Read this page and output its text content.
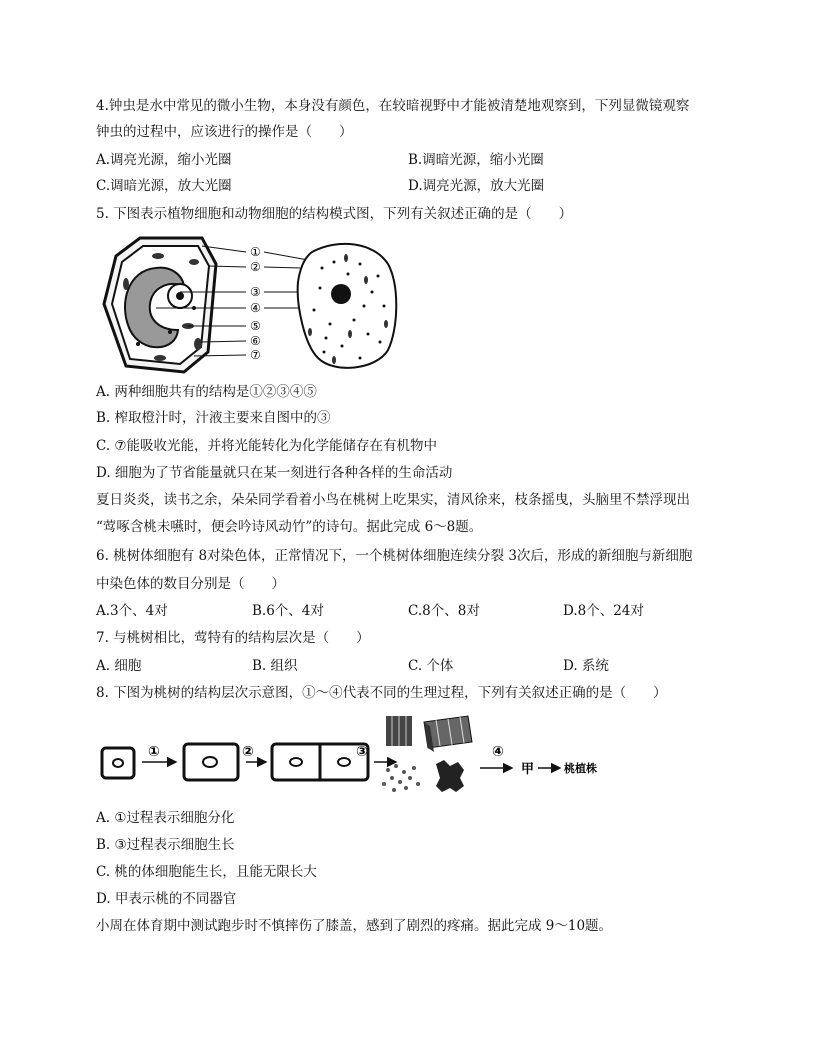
4.钟虫是水中常见的微小生物，本身没有颜色，在较暗视野中才能被清楚地观察到，下列显微镜观察
钟虫的过程中，应该进行的操作是（　　）
A.调亮光源，缩小光圈	B.调暗光源，缩小光圈
C.调暗光源，放大光圈	D.调亮光源，放大光圈
5. 下图表示植物细胞和动物细胞的结构模式图，下列有关叙述正确的是（　　）
①
②
③
④
⑤
⑥
⑦
A. 两种细胞共有的结构是①②③④⑤
B. 榨取橙汁时，汁液主要来自图中的③
C. ⑦能吸收光能，并将光能转化为化学能储存在有机物中
D. 细胞为了节省能量就只在某一刻进行各种各样的生命活动
夏日炎炎，读书之余，朵朵同学看着小鸟在桃树上吃果实，清风徐来，枝条摇曳，头脑里不禁浮现出
“莺啄含桃未嚥时，便会吟诗风动竹”的诗句。据此完成 6～8题。
6. 桃树体细胞有 8对染色体，正常情况下，一个桃树体细胞连续分裂 3次后，形成的新细胞与新细胞
中染色体的数目分别是（　　）
A.3个、4对	B.6个、4对	C.8个、8对	D.8个、24对
7. 与桃树相比，莺特有的结构层次是（　　）
A. 细胞	B. 组织	C. 个体	D. 系统
8. 下图为桃树的结构层次示意图，①～④代表不同的生理过程，下列有关叙述正确的是（　　）
①	②	③	④
甲	桃植株
A. ①过程表示细胞分化
B. ③过程表示细胞生长
C. 桃的体细胞能生长，且能无限长大
D. 甲表示桃的不同器官
小周在体育期中测试跑步时不慎摔伤了膝盖，感到了剧烈的疼痛。据此完成 9～10题。
